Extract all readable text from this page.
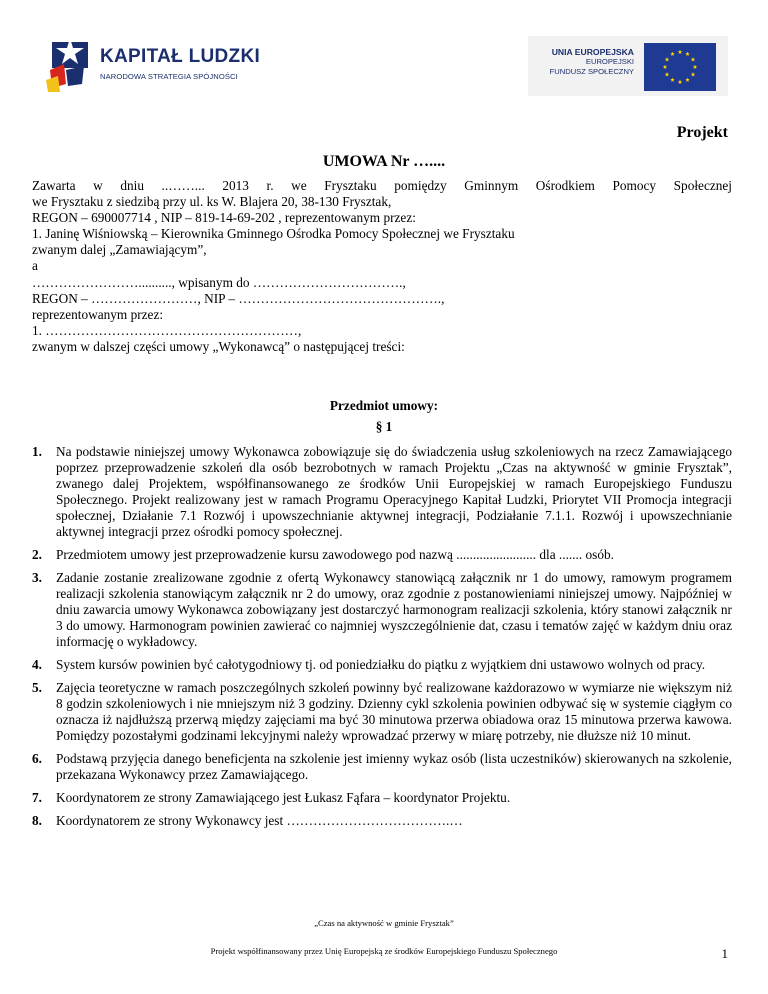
KAPITAŁ LUDZKI
NARODOWA STRATEGIA SPÓJNOŚCI
UNIA EUROPEJSKA
EUROPEJSKI
FUNDUSZ SPOŁECZNY
Projekt
UMOWA Nr …....
Zawarta w dniu ..……... 2013 r. we Frysztaku pomiędzy Gminnym Ośrodkiem Pomocy Społecznej
we Frysztaku z siedzibą przy ul. ks W. Blajera 20, 38-130 Frysztak,
REGON – 690007714 , NIP – 819-14-69-202 , reprezentowanym przez:
1. Janinę Wiśniowską – Kierownika Gminnego Ośrodka Pomocy Społecznej we Frysztaku
zwanym dalej „Zamawiającym”,
a
…………………….........., wpisanym do …………………………….,
REGON – ……………………, NIP – ……………………………………….,
reprezentowanym przez:
1. …………………………………………………,
zwanym w dalszej części umowy „Wykonawcą” o następującej treści:
Przedmiot umowy:
§ 1
1. Na podstawie niniejszej umowy Wykonawca zobowiązuje się do świadczenia usług szkoleniowych na rzecz Zamawiającego poprzez przeprowadzenie szkoleń dla osób bezrobotnych w ramach Projektu „Czas na aktywność w gminie Frysztak”, zwanego dalej Projektem, współfinansowanego ze środków Unii Europejskiej w ramach Europejskiego Funduszu Społecznego. Projekt realizowany jest w ramach Programu Operacyjnego Kapitał Ludzki, Priorytet VII Promocja integracji społecznej, Działanie 7.1 Rozwój i upowszechnianie aktywnej integracji, Podziałanie 7.1.1. Rozwój i upowszechnianie aktywnej integracji przez ośrodki pomocy społecznej.
2. Przedmiotem umowy jest przeprowadzenie kursu zawodowego pod nazwą ........................ dla ....... osób.
3. Zadanie zostanie zrealizowane zgodnie z ofertą Wykonawcy stanowiącą załącznik nr 1 do umowy, ramowym programem realizacji szkolenia stanowiącym załącznik nr 2 do umowy, oraz zgodnie z postanowieniami niniejszej umowy. Najpóźniej w dniu zawarcia umowy Wykonawca zobowiązany jest dostarczyć harmonogram realizacji szkolenia, który stanowi załącznik nr 3 do umowy. Harmonogram powinien zawierać co najmniej wyszczególnienie dat, czasu i tematów zajęć w każdym dniu oraz informację o wykładowcy.
4. System kursów powinien być całotygodniowy tj. od poniedziałku do piątku z wyjątkiem dni ustawowo wolnych od pracy.
5. Zajęcia teoretyczne w ramach poszczególnych szkoleń powinny być realizowane każdorazowo w wymiarze nie większym niż 8 godzin szkoleniowych i nie mniejszym niż 3 godziny. Dzienny cykl szkolenia powinien odbywać się w systemie ciągłym co oznacza iż najdłuższą przerwą między zajęciami ma być 30 minutowa przerwa obiadowa oraz 15 minutowa przerwa kawowa. Pomiędzy pozostałymi godzinami lekcyjnymi należy wprowadzać przerwy w miarę potrzeby, nie dłuższe niż 10 minut.
6. Podstawą przyjęcia danego beneficjenta na szkolenie jest imienny wykaz osób (lista uczestników) skierowanych na szkolenie, przekazana Wykonawcy przez Zamawiającego.
7. Koordynatorem ze strony Zamawiającego jest Łukasz Fąfara – koordynator Projektu.
8. Koordynatorem ze strony Wykonawcy jest ……………………………….…
„Czas na aktywność w gminie Frysztak”
Projekt współfinansowany przez Unię Europejską ze środków Europejskiego Funduszu Społecznego	1
